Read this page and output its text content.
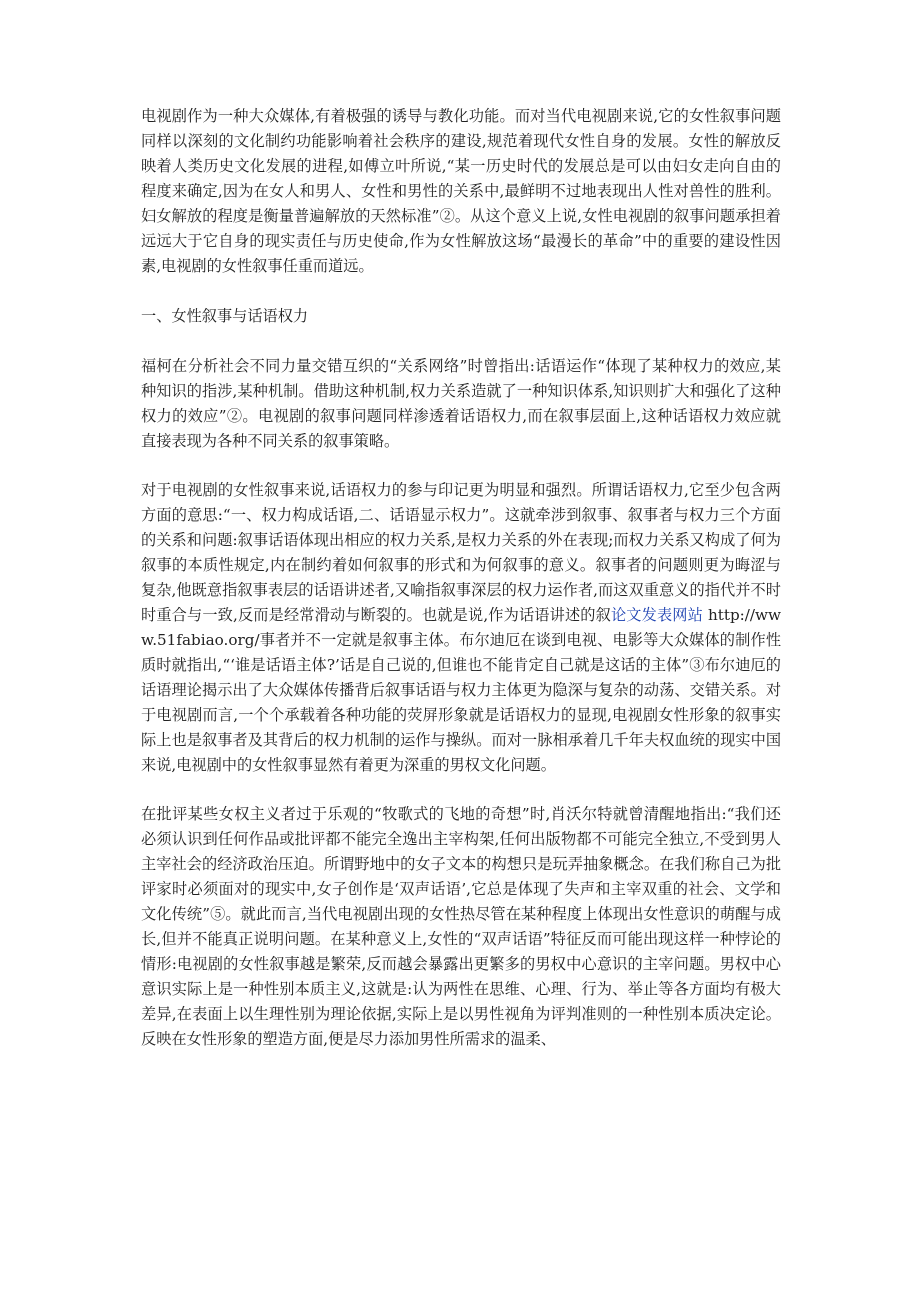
电视剧作为一种大众媒体,有着极强的诱导与教化功能。而对当代电视剧来说,它的女性叙事问题同样以深刻的文化制约功能影响着社会秩序的建设,规范着现代女性自身的发展。女性的解放反映着人类历史文化发展的进程,如傅立叶所说,“某一历史时代的发展总是可以由妇女走向自由的程度来确定,因为在女人和男人、女性和男性的关系中,最鲜明不过地表现出人性对兽性的胜利。妇女解放的程度是衡量普遍解放的天然标准”②。从这个意义上说,女性电视剧的叙事问题承担着远远大于它自身的现实责任与历史使命,作为女性解放这场“最漫长的革命”中的重要的建设性因素,电视剧的女性叙事任重而道远。

一、女性叙事与话语权力

福柯在分析社会不同力量交错互织的“关系网络”时曾指出:话语运作“体现了某种权力的效应,某种知识的指涉,某种机制。借助这种机制,权力关系造就了一种知识体系,知识则扩大和强化了这种权力的效应”②。电视剧的叙事问题同样渗透着话语权力,而在叙事层面上,这种话语权力效应就直接表现为各种不同关系的叙事策略。

对于电视剧的女性叙事来说,话语权力的参与印记更为明显和强烈。所谓话语权力,它至少包含两方面的意思:“一、权力构成话语,二、话语显示权力”。这就牵涉到叙事、叙事者与权力三个方面的关系和问题:叙事话语体现出相应的权力关系,是权力关系的外在表现;而权力关系又构成了何为叙事的本质性规定,内在制约着如何叙事的形式和为何叙事的意义。叙事者的问题则更为晦涩与复杂,他既意指叙事表层的话语讲述者,又喻指叙事深层的权力运作者,而这双重意义的指代并不时时重合与一致,反而是经常滑动与断裂的。也就是说,作为话语讲述的叙论文发表网站 http://www.51fabiao.org/事者并不一定就是叙事主体。布尔迪厄在谈到电视、电影等大众媒体的制作性质时就指出,“‘谁是话语主体?’话是自己说的,但谁也不能肯定自己就是这话的主体”③布尔迪厄的话语理论揭示出了大众媒体传播背后叙事话语与权力主体更为隐深与复杂的动荡、交错关系。对于电视剧而言,一个个承载着各种功能的荧屏形象就是话语权力的显现,电视剧女性形象的叙事实际上也是叙事者及其背后的权力机制的运作与操纵。而对一脉相承着几千年夫权血统的现实中国来说,电视剧中的女性叙事显然有着更为深重的男权文化问题。

在批评某些女权主义者过于乐观的“牧歌式的飞地的奇想”时,肖沃尔特就曾清醒地指出:“我们还必须认识到任何作品或批评都不能完全逸出主宰构架,任何出版物都不可能完全独立,不受到男人主宰社会的经济政治压迫。所谓野地中的女子文本的构想只是玩弄抽象概念。在我们称自己为批评家时必须面对的现实中,女子创作是‘双声话语’,它总是体现了失声和主宰双重的社会、文学和文化传统”⑤。就此而言,当代电视剧出现的女性热尽管在某种程度上体现出女性意识的萌醒与成长,但并不能真正说明问题。在某种意义上,女性的“双声话语”特征反而可能出现这样一种悖论的情形:电视剧的女性叙事越是繁荣,反而越会暴露出更繁多的男权中心意识的主宰问题。男权中心意识实际上是一种性别本质主义,这就是:认为两性在思维、心理、行为、举止等各方面均有极大差异,在表面上以生理性别为理论依据,实际上是以男性视角为评判准则的一种性别本质决定论。反映在女性形象的塑造方面,便是尽力添加男性所需求的温柔、
